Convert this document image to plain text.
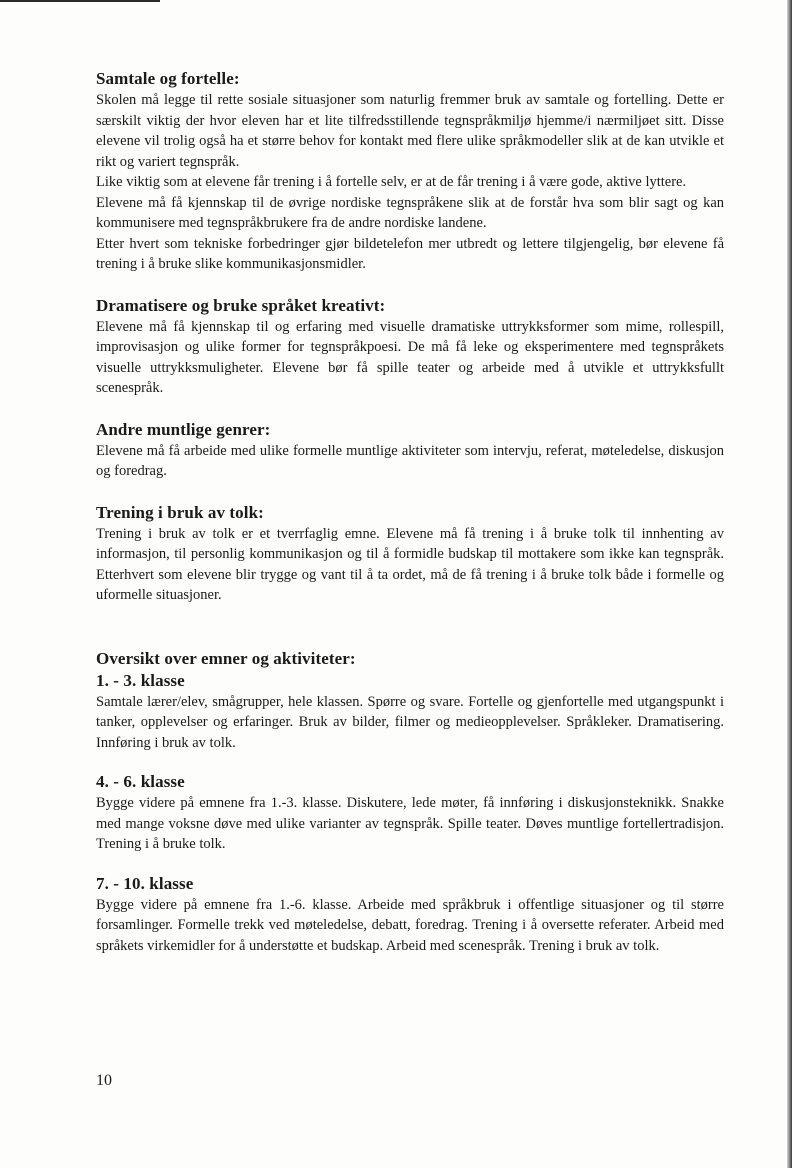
Samtale og fortelle:

Skolen må legge til rette sosiale situasjoner som naturlig fremmer bruk av samtale og fortelling. Dette er særskilt viktig der hvor eleven har et lite tilfredsstillende tegnspråkmiljø hjemme/i nærmiljøet sitt. Disse elevene vil trolig også ha et større behov for kontakt med flere ulike språkmodeller slik at de kan utvikle et rikt og variert tegnspråk.

Like viktig som at elevene får trening i å fortelle selv, er at de får trening i å være gode, aktive lyttere.

Elevene må få kjennskap til de øvrige nordiske tegnspråkene slik at de forstår hva som blir sagt og kan kommunisere med tegnspråkbrukere fra de andre nordiske landene.

Etter hvert som tekniske forbedringer gjør bildetelefon mer utbredt og lettere tilgjengelig, bør elevene få trening i å bruke slike kommunikasjonsmidler.

Dramatisere og bruke språket kreativt:

Elevene må få kjennskap til og erfaring med visuelle dramatiske uttrykksformer som mime, rollespill, improvisasjon og ulike former for tegnspråkpoesi. De må få leke og eksperimentere med tegnspråkets visuelle uttrykksmuligheter. Elevene bør få spille teater og arbeide med å utvikle et uttrykksfullt scenespråk.

Andre muntlige genrer:

Elevene må få arbeide med ulike formelle muntlige aktiviteter som intervju, referat, møteledelse, diskusjon og foredrag.

Trening i bruk av tolk:

Trening i bruk av tolk er et tverrfaglig emne. Elevene må få trening i å bruke tolk til innhenting av informasjon, til personlig kommunikasjon og til å formidle budskap til mottakere som ikke kan tegnspråk. Etterhvert som elevene blir trygge og vant til å ta ordet, må de få trening i å bruke tolk både i formelle og uformelle situasjoner.

Oversikt over emner og aktiviteter:
1. - 3. klasse

Samtale lærer/elev, smågrupper, hele klassen. Spørre og svare. Fortelle og gjenfortelle med utgangspunkt i tanker, opplevelser og erfaringer. Bruk av bilder, filmer og medieopplevelser. Språkleker. Dramatisering. Innføring i bruk av tolk.

4. - 6. klasse

Bygge videre på emnene fra 1.-3. klasse. Diskutere, lede møter, få innføring i diskusjonsteknikk. Snakke med mange voksne døve med ulike varianter av tegnspråk. Spille teater. Døves muntlige fortellertradisjon. Trening i å bruke tolk.

7. - 10. klasse

Bygge videre på emnene fra 1.-6. klasse. Arbeide med språkbruk i offentlige situasjoner og til større forsamlinger. Formelle trekk ved møteledelse, debatt, foredrag. Trening i å oversette referater. Arbeid med språkets virkemidler for å understøtte et budskap. Arbeid med scenespråk. Trening i bruk av tolk.

10
